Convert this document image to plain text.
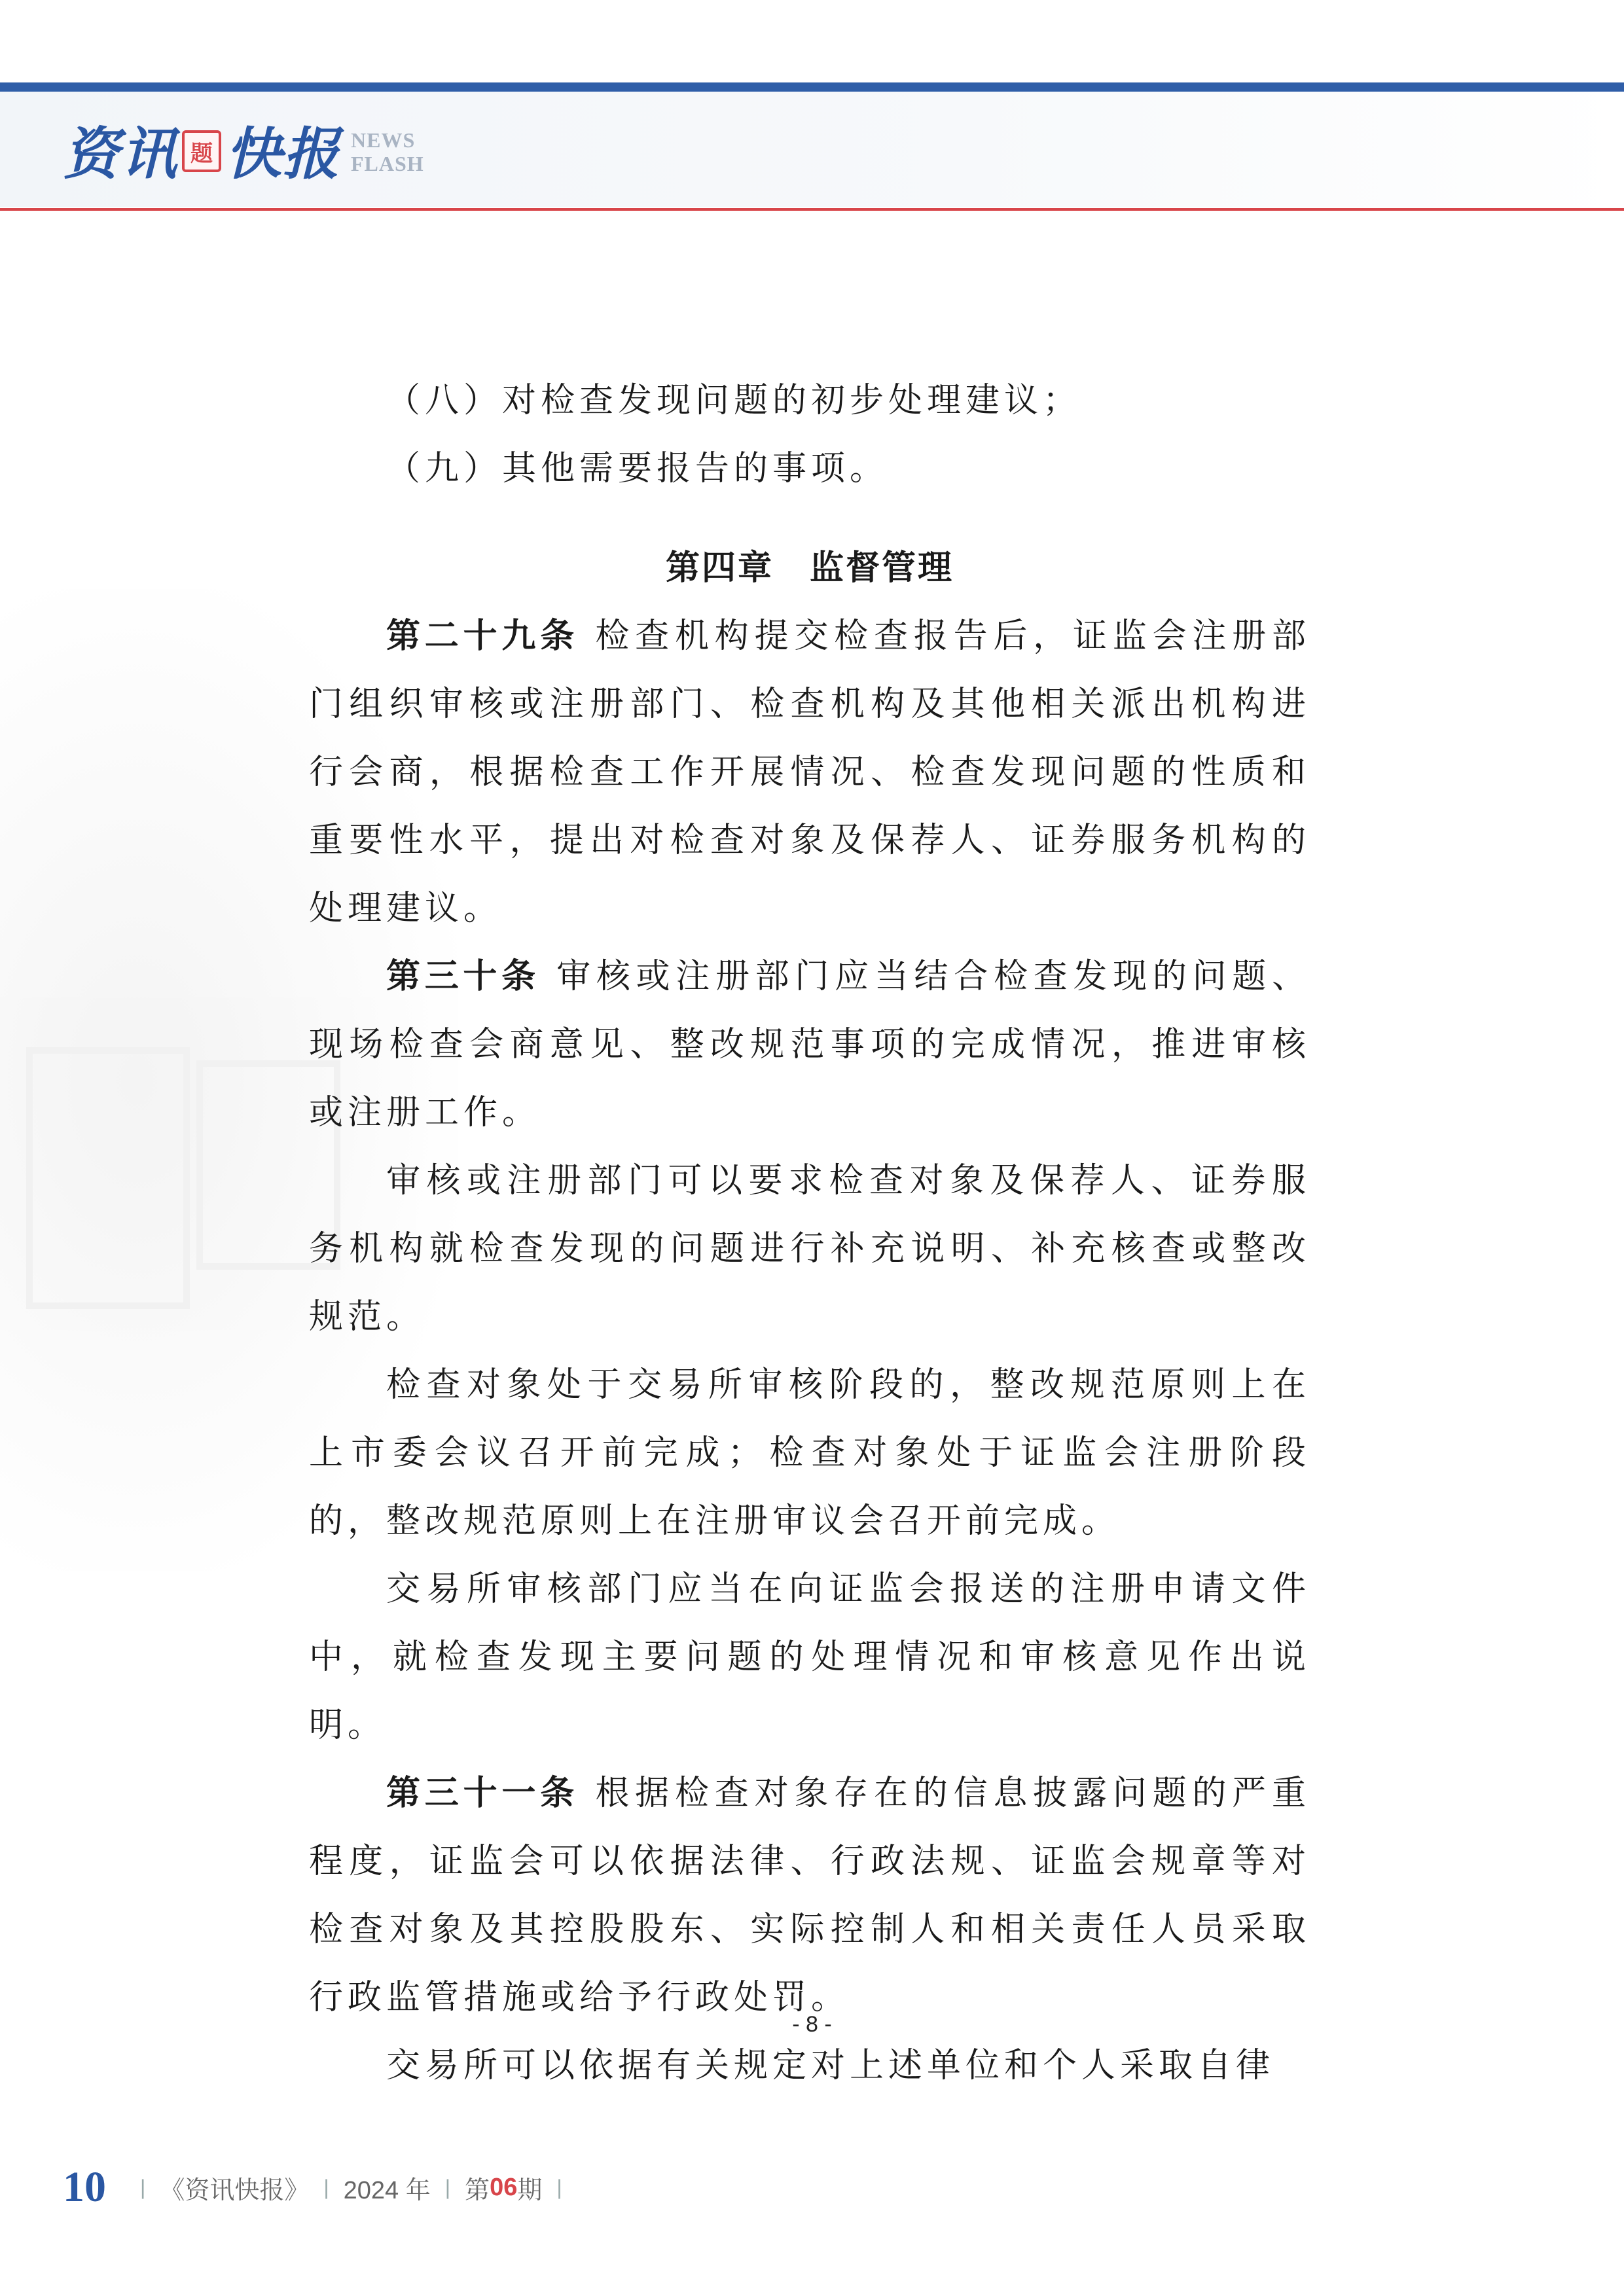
资讯 题 快报 NEWS
FLASH

（八）对检查发现问题的初步处理建议；

（九）其他需要报告的事项。

第四章　监督管理

第二十九条 检查机构提交检查报告后，证监会注册部门组织审核或注册部门、检查机构及其他相关派出机构进行会商，根据检查工作开展情况、检查发现问题的性质和重要性水平，提出对检查对象及保荐人、证券服务机构的处理建议。

第三十条 审核或注册部门应当结合检查发现的问题、现场检查会商意见、整改规范事项的完成情况，推进审核或注册工作。

审核或注册部门可以要求检查对象及保荐人、证券服务机构就检查发现的问题进行补充说明、补充核查或整改规范。

检查对象处于交易所审核阶段的，整改规范原则上在上市委会议召开前完成；检查对象处于证监会注册阶段的，整改规范原则上在注册审议会召开前完成。

交易所审核部门应当在向证监会报送的注册申请文件中，就检查发现主要问题的处理情况和审核意见作出说明。

第三十一条 根据检查对象存在的信息披露问题的严重程度，证监会可以依据法律、行政法规、证监会规章等对检查对象及其控股股东、实际控制人和相关责任人员采取行政监管措施或给予行政处罚。

交易所可以依据有关规定对上述单位和个人采取自律

- 8 -
10 | 《资讯快报》 | 2024 年 | 第 06 期 |
